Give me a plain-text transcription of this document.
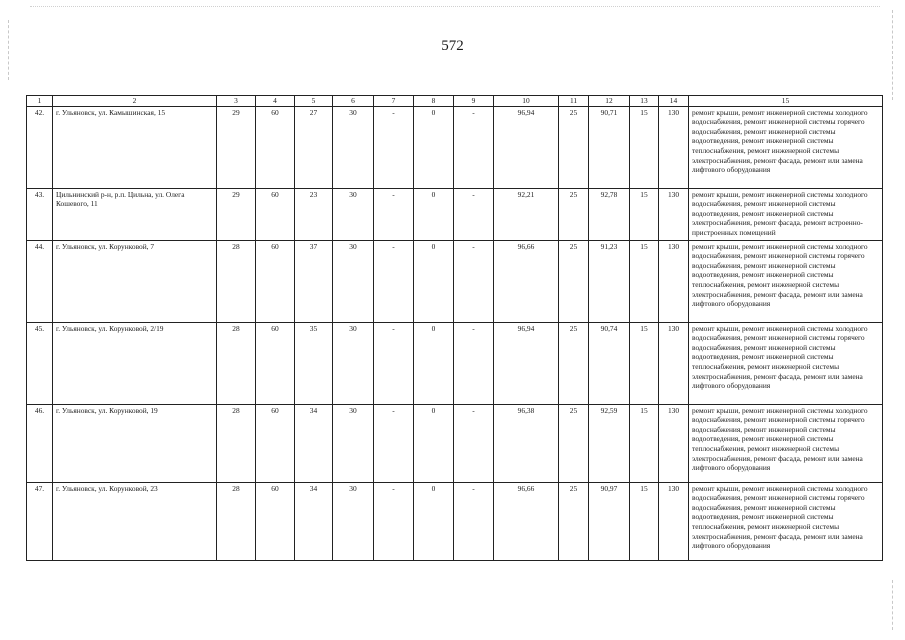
572
1	2	3	4	5	6	7	8	9	10	11	12	13	14	15
42.	г. Ульяновск, ул. Камышинская, 15	29	60	27	30	-	0	-	96,94	25	90,71	15	130	ремонт крыши, ремонт инженерной системы холодного водоснабжения, ремонт инженерной системы горячего водоснабжения, ремонт инженерной системы водоотведения, ремонт инженерной системы теплоснабжения, ремонт инженерной системы электроснабжения, ремонт фасада, ремонт или замена лифтового оборудования
43.	Цильнинский р-н, р.п. Цильна, ул. Олега Кошевого, 11	29	60	23	30	-	0	-	92,21	25	92,78	15	130	ремонт крыши, ремонт инженерной системы холодного водоснабжения, ремонт инженерной системы водоотведения, ремонт инженерной системы электроснабжения, ремонт фасада, ремонт встроенно-пристроенных помещений
44.	г. Ульяновск, ул. Корунковой, 7	28	60	37	30	-	0	-	96,66	25	91,23	15	130	ремонт крыши, ремонт инженерной системы холодного водоснабжения, ремонт инженерной системы горячего водоснабжения, ремонт инженерной системы водоотведения, ремонт инженерной системы теплоснабжения, ремонт инженерной системы электроснабжения, ремонт фасада, ремонт или замена лифтового оборудования
45.	г. Ульяновск, ул. Корунковой, 2/19	28	60	35	30	-	0	-	96,94	25	90,74	15	130	ремонт крыши, ремонт инженерной системы холодного водоснабжения, ремонт инженерной системы горячего водоснабжения, ремонт инженерной системы водоотведения, ремонт инженерной системы теплоснабжения, ремонт инженерной системы электроснабжения, ремонт фасада, ремонт или замена лифтового оборудования
46.	г. Ульяновск, ул. Корунковой, 19	28	60	34	30	-	0	-	96,38	25	92,59	15	130	ремонт крыши, ремонт инженерной системы холодного водоснабжения, ремонт инженерной системы горячего водоснабжения, ремонт инженерной системы водоотведения, ремонт инженерной системы теплоснабжения, ремонт инженерной системы электроснабжения, ремонт фасада, ремонт или замена лифтового оборудования
47.	г. Ульяновск, ул. Корунковой, 23	28	60	34	30	-	0	-	96,66	25	90,97	15	130	ремонт крыши, ремонт инженерной системы холодного водоснабжения, ремонт инженерной системы горячего водоснабжения, ремонт инженерной системы водоотведения, ремонт инженерной системы теплоснабжения, ремонт инженерной системы электроснабжения, ремонт фасада, ремонт или замена лифтового оборудования
